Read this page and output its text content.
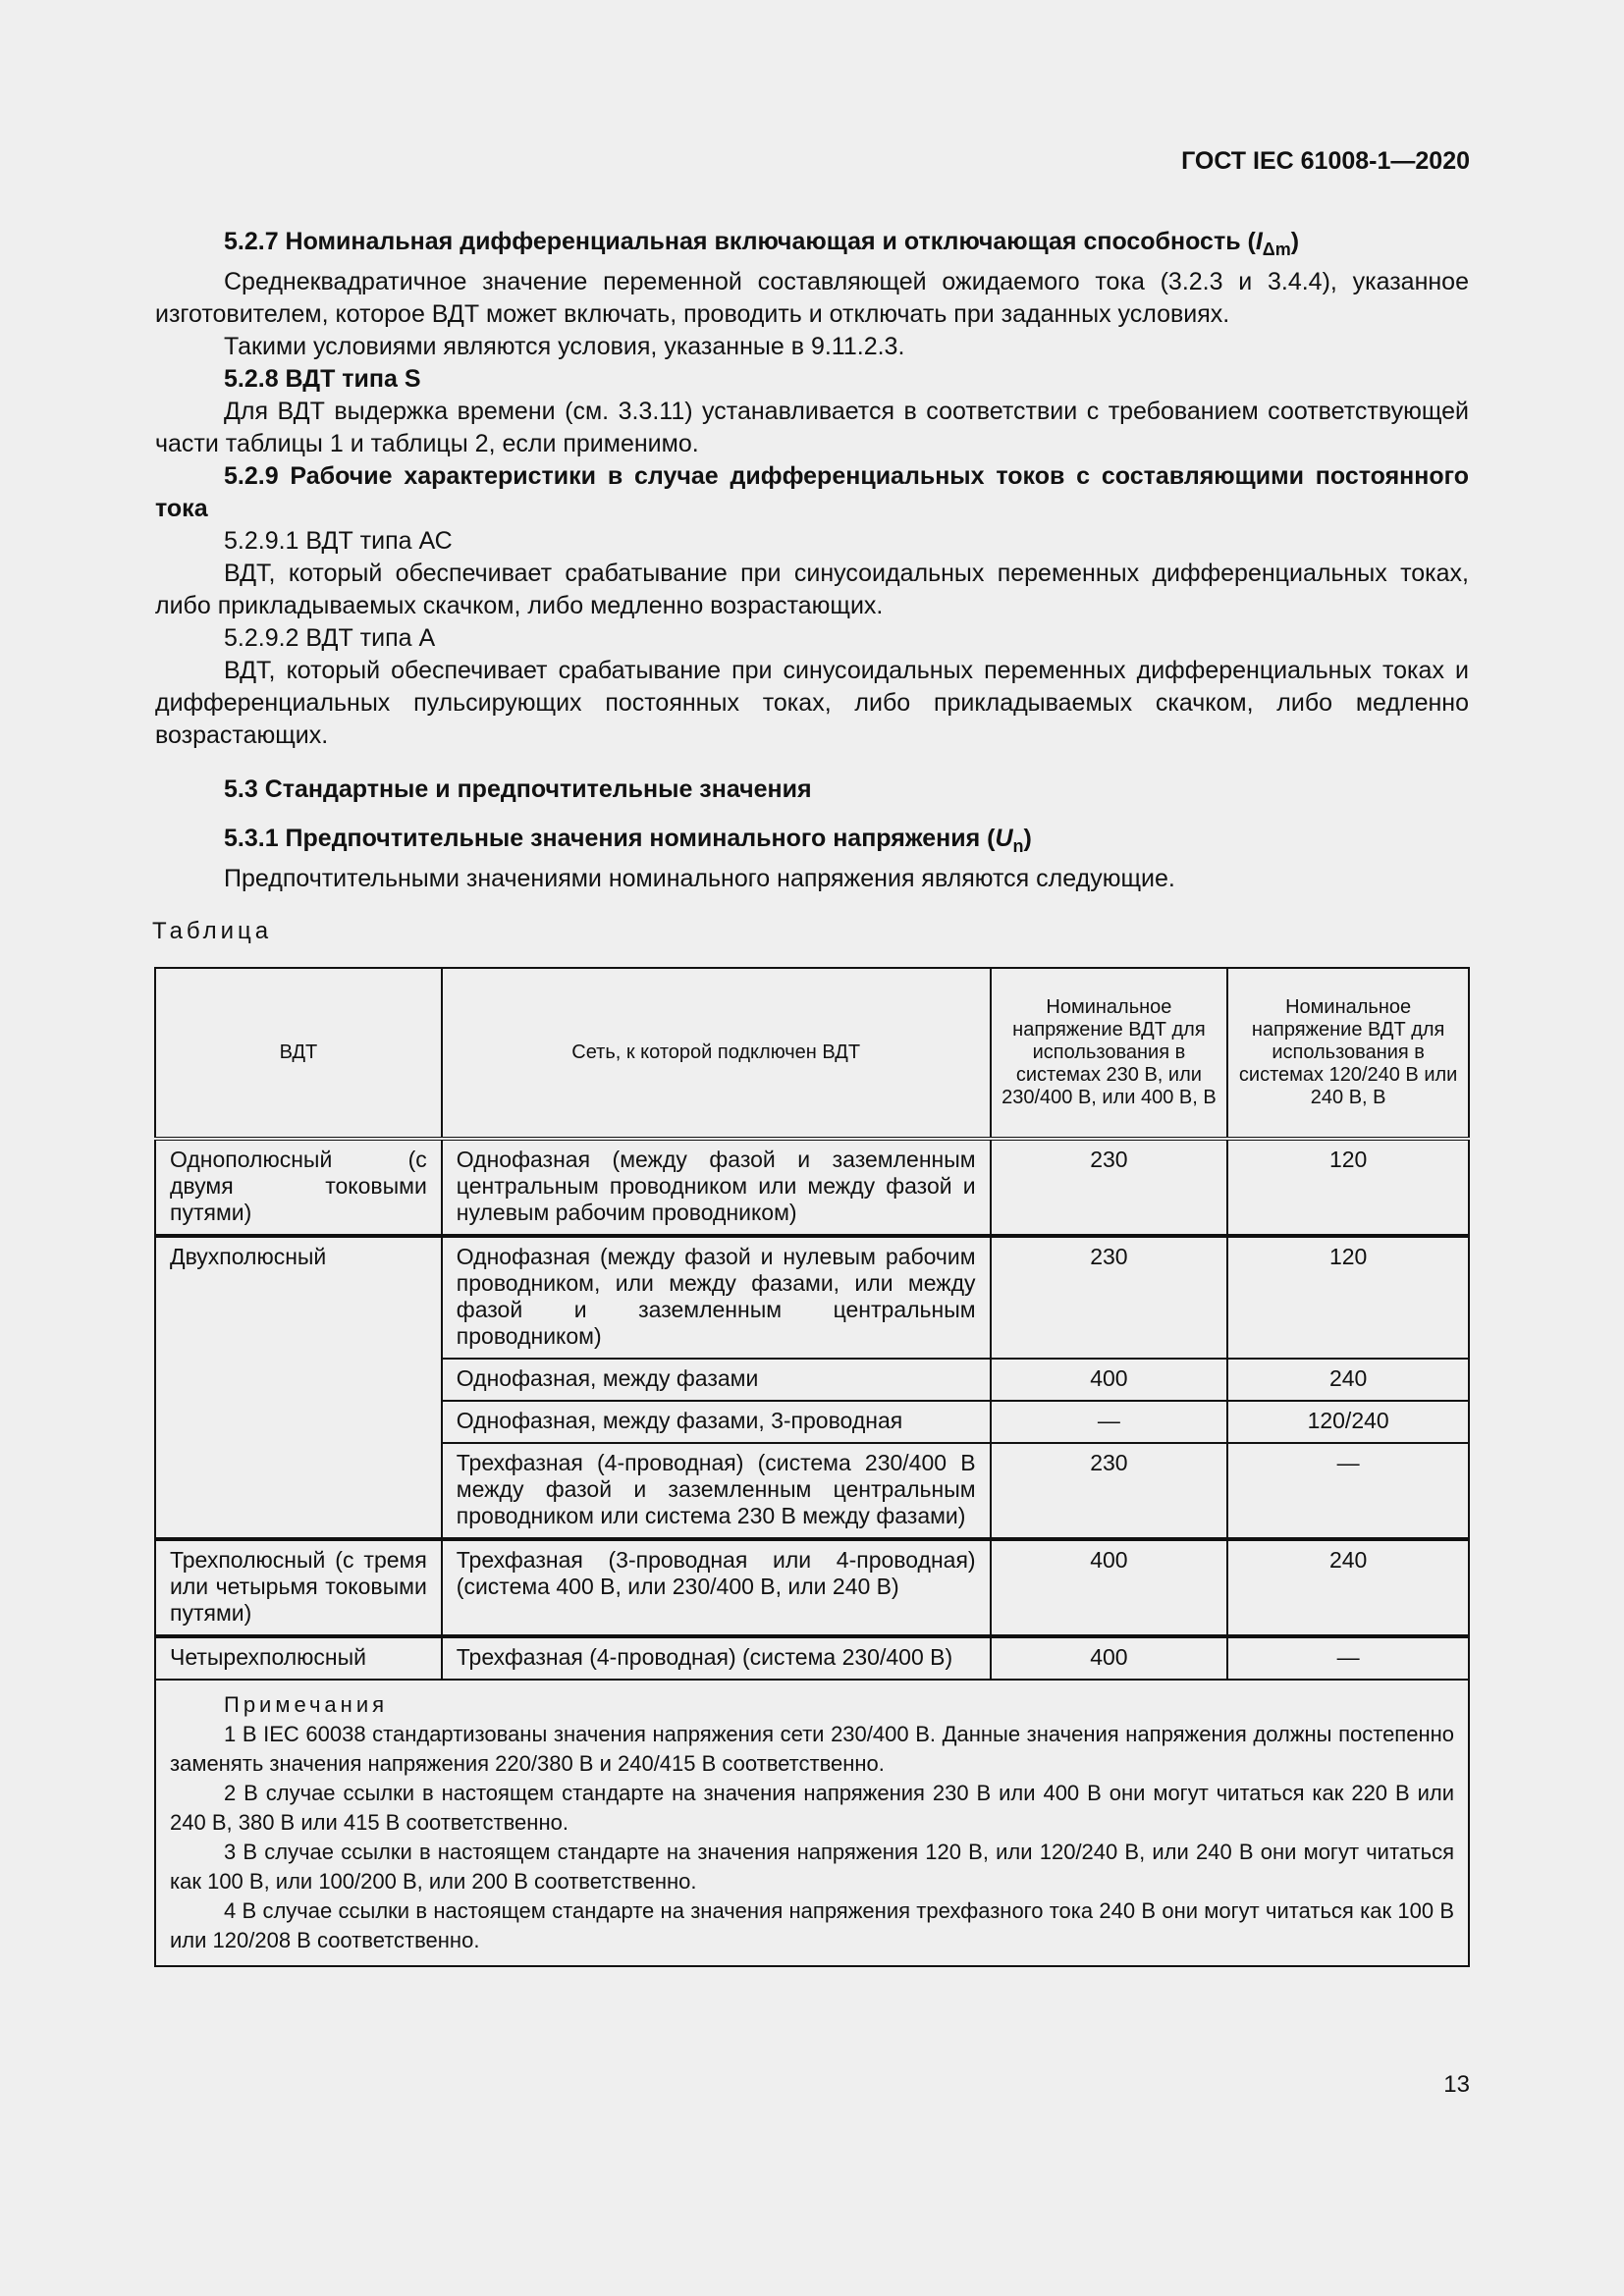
ГОСТ IEC 61008-1—2020

5.2.7 Номинальная дифференциальная включающая и отключающая способность $(I_{\Delta m})$
Среднеквадратичное значение переменной составляющей ожидаемого тока (3.2.3 и 3.4.4), указанное изготовителем, которое ВДТ может включать, проводить и отключать при заданных условиях.
Такими условиями являются условия, указанные в 9.11.2.3.
5.2.8 ВДТ типа S
Для ВДТ выдержка времени (см. 3.3.11) устанавливается в соответствии с требованием соответствующей части таблицы 1 и таблицы 2, если применимо.
5.2.9 Рабочие характеристики в случае дифференциальных токов с составляющими постоянного тока
5.2.9.1 ВДТ типа АС
ВДТ, который обеспечивает срабатывание при синусоидальных переменных дифференциальных токах, либо прикладываемых скачком, либо медленно возрастающих.
5.2.9.2 ВДТ типа А
ВДТ, который обеспечивает срабатывание при синусоидальных переменных дифференциальных токах и дифференциальных пульсирующих постоянных токах, либо прикладываемых скачком, либо медленно возрастающих.

5.3 Стандартные и предпочтительные значения

5.3.1 Предпочтительные значения номинального напряжения $(U_n)$
Предпочтительными значениями номинального напряжения являются следующие.

Таблица
ВДТ	Сеть, к которой подключен ВДТ	Номинальное напряжение ВДТ для использования в системах 230 В, или 230/400 В, или 400 В, В	Номинальное напряжение ВДТ для использования в системах 120/240 В или 240 В, В
Однополюсный (с двумя токовыми путями)	Однофазная (между фазой и заземленным центральным проводником или между фазой и нулевым рабочим проводником)	230	120
Двухполюсный	Однофазная (между фазой и нулевым рабочим проводником, или между фазами, или между фазой и заземленным центральным проводником)	230	120
	Однофазная, между фазами	400	240
	Однофазная, между фазами, 3-проводная	—	120/240
	Трехфазная (4-проводная) (система 230/400 В между фазой и заземленным центральным проводником или система 230 В между фазами)	230	—
Трехполюсный (с тремя или четырьмя токовыми путями)	Трехфазная (3-проводная или 4-проводная) (система 400 В, или 230/400 В, или 240 В)	400	240
Четырехполюсный	Трехфазная (4-проводная) (система 230/400 В)	400	—

Примечания
1 В IEC 60038 стандартизованы значения напряжения сети 230/400 В. Данные значения напряжения должны постепенно заменять значения напряжения 220/380 В и 240/415 В соответственно.
2 В случае ссылки в настоящем стандарте на значения напряжения 230 В или 400 В они могут читаться как 220 В или 240 В, 380 В или 415 В соответственно.
3 В случае ссылки в настоящем стандарте на значения напряжения 120 В, или 120/240 В, или 240 В они могут читаться как 100 В, или 100/200 В, или 200 В соответственно.
4 В случае ссылки в настоящем стандарте на значения напряжения трехфазного тока 240 В они могут читаться как 100 В или 120/208 В соответственно.			
13
